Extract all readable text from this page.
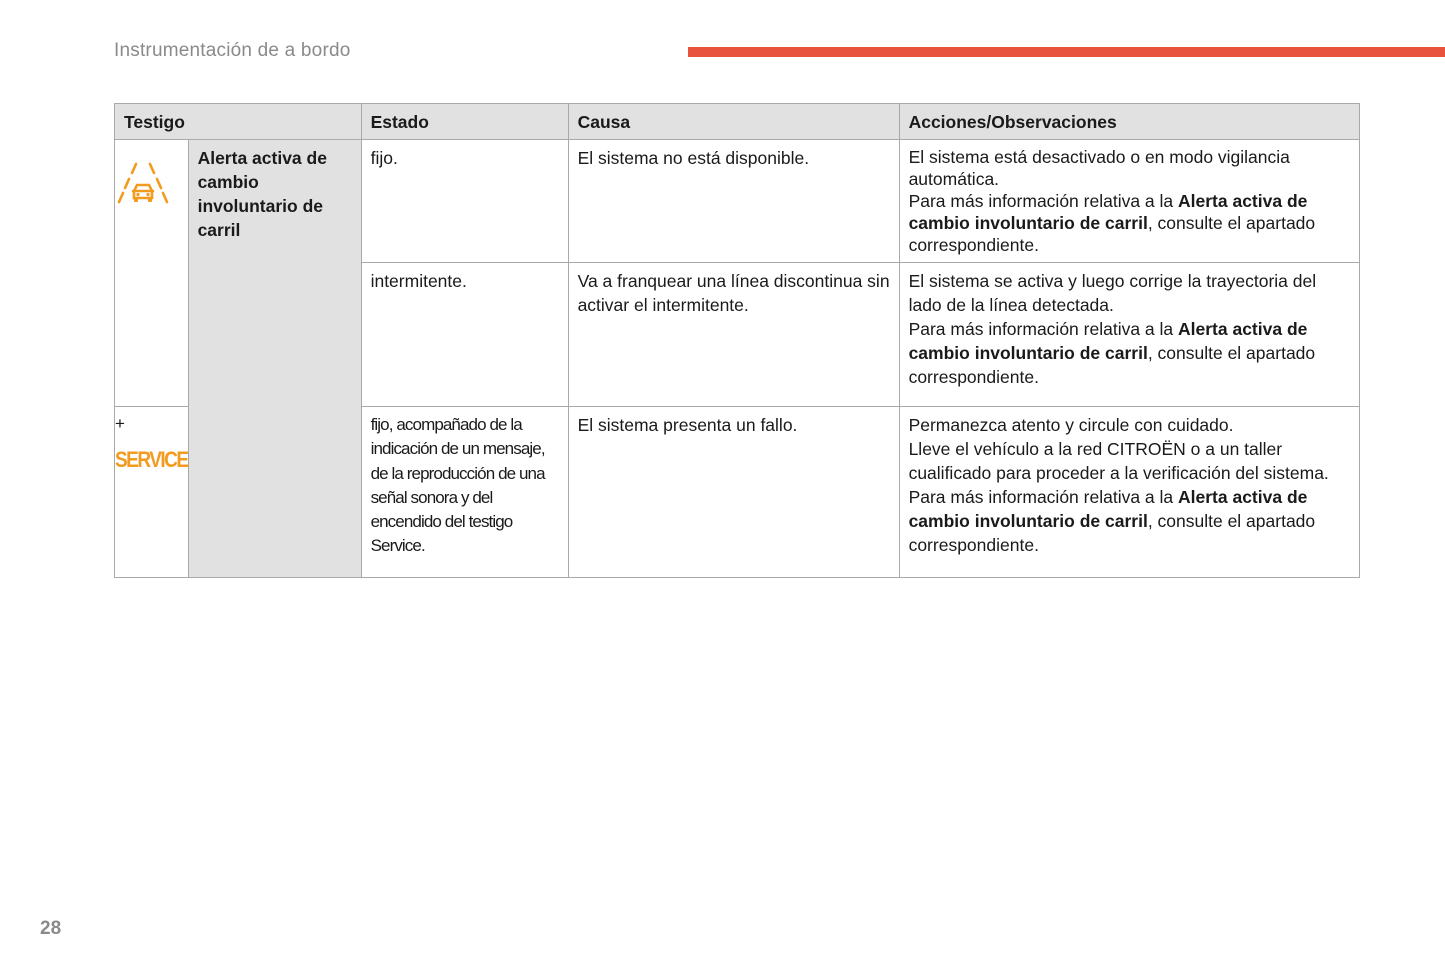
Instrumentación de a bordo
Testigo		Estado	Causa	Acciones/Observaciones
	Alerta activa de cambio involuntario de carril	fijo.	El sistema no está disponible.	El sistema está desactivado o en modo vigilancia automática.
Para más información relativa a la Alerta activa de cambio involuntario de carril, consulte el apartado correspondiente.

		intermitente.	Va a franquear una línea discontinua sin activar el intermitente.	El sistema se activa y luego corrige la trayectoria del lado de la línea detectada.
Para más información relativa a la Alerta activa de cambio involuntario de carril, consulte el apartado correspondiente.

+
SERVICE		fijo, acompañado de la indicación de un mensaje, de la reproducción de una señal sonora y del encendido del testigo Service.	El sistema presenta un fallo.	Permanezca atento y circule con cuidado.
Lleve el vehículo a la red CITROËN o a un taller cualificado para proceder a la verificación del sistema.
Para más información relativa a la Alerta activa de cambio involuntario de carril, consulte el apartado correspondiente.
28
